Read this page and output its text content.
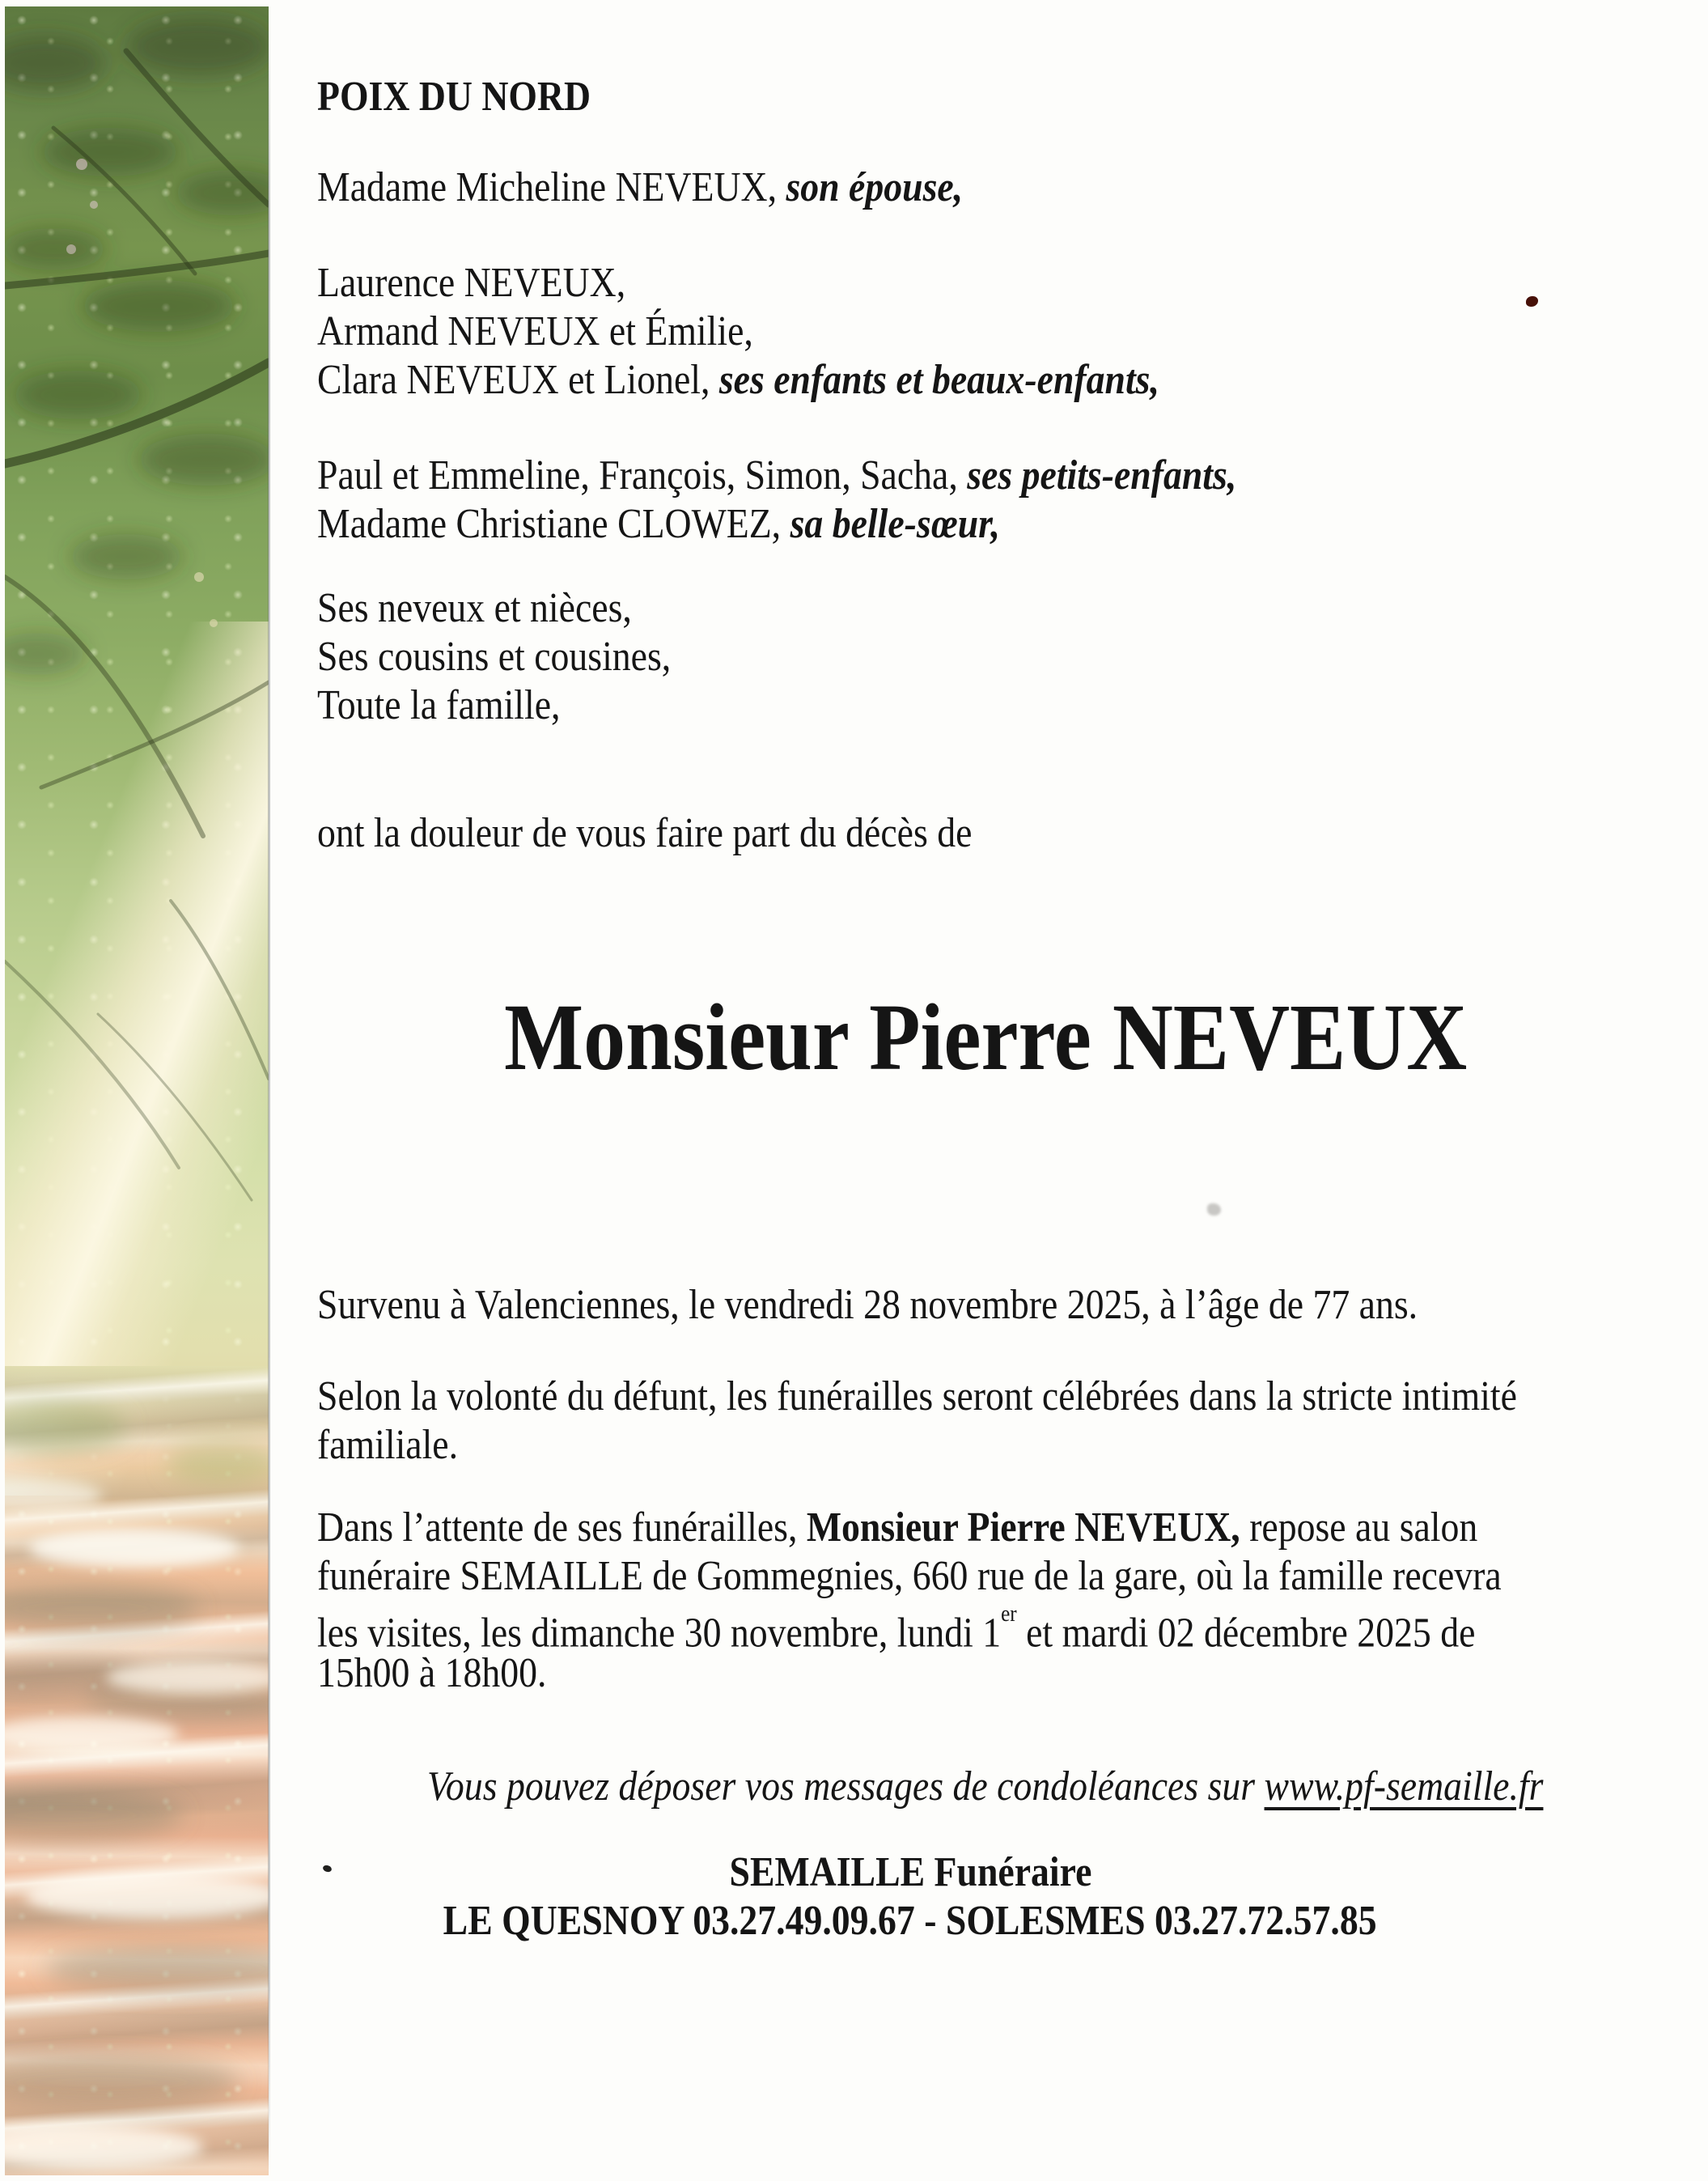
POIX DU NORD
Madame Micheline NEVEUX, son épouse,
Laurence NEVEUX,
Armand NEVEUX et Émilie,
Clara NEVEUX et Lionel, ses enfants et beaux-enfants,
Paul et Emmeline, François, Simon, Sacha, ses petits-enfants,
Madame Christiane CLOWEZ, sa belle-sœur,
Ses neveux et nièces,
Ses cousins et cousines,
Toute la famille,
ont la douleur de vous faire part du décès de
Monsieur Pierre NEVEUX
Survenu à Valenciennes, le vendredi 28 novembre 2025, à l’âge de 77 ans.
Selon la volonté du défunt, les funérailles seront célébrées dans la stricte intimité
familiale.
Dans l’attente de ses funérailles, Monsieur Pierre NEVEUX, repose au salon
funéraire SEMAILLE de Gommegnies, 660 rue de la gare, où la famille recevra
les visites, les dimanche 30 novembre, lundi 1er et mardi 02 décembre 2025 de
15h00 à 18h00.
Vous pouvez déposer vos messages de condoléances sur www.pf-semaille.fr
SEMAILLE Funéraire
LE QUESNOY 03.27.49.09.67 - SOLESMES 03.27.72.57.85
